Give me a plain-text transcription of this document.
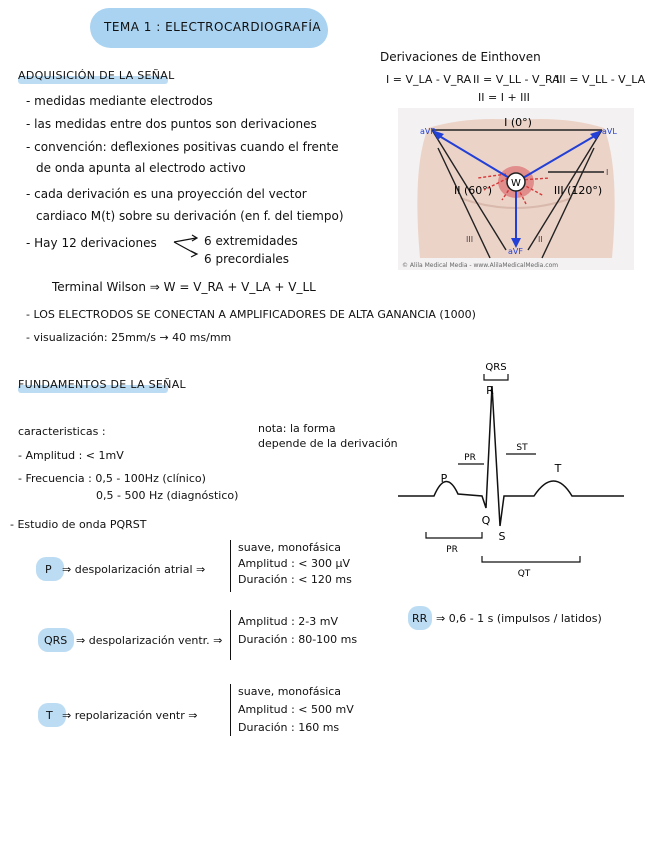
TEMA 1 : ELECTROCARDIOGRAFÍA
ADQUISICIÓN DE LA SEÑAL
- medidas mediante electrodos
- las medidas entre dos puntos son derivaciones
- convención: deflexiones positivas cuando el frente
de onda apunta al electrodo activo
- cada derivación es una proyección del vector
cardiaco M(t) sobre su derivación (en f. del tiempo)
- Hay 12 derivaciones	6 extremidades
6 precordiales
Terminal Wilson ⇒ W = V_RA + V_LA + V_LL
- LOS ELECTRODOS SE CONECTAN A AMPLIFICADORES DE ALTA GANANCIA (1000)
- visualización: 25mm/s → 40 ms/mm
Derivaciones de Einthoven
I = V_LA - V_RA II = V_LL - V_RA
III = V_LL - V_LA
II = I + III
W
I (0°)
II (60°)	III (120°)
aVR	aVL
aVF
I
II
III
© Alila Medical Media - www.AlilaMedicalMedia.com
FUNDAMENTOS DE LA SEÑAL
caracteristicas :
- Amplitud : < 1mV
- Frecuencia : 0,5 - 100Hz (clínico)
0,5 - 500 Hz (diagnóstico)
nota: la forma
depende de la derivación
- Estudio de onda PQRST
P ⇒ despolarización atrial ⇒
suave, monofásica
Amplitud : < 300 µV
Duración : < 120 ms
QRS ⇒ despolarización ventr. ⇒
Amplitud : 2-3 mV
Duración : 80-100 ms
T ⇒ repolarización ventr ⇒
suave, monofásica
Amplitud : < 500 mV
Duración : 160 ms
QRS
R
P
Q
S
T
PR
ST
PR
QT
RR ⇒ 0,6 - 1 s (impulsos / latidos)
